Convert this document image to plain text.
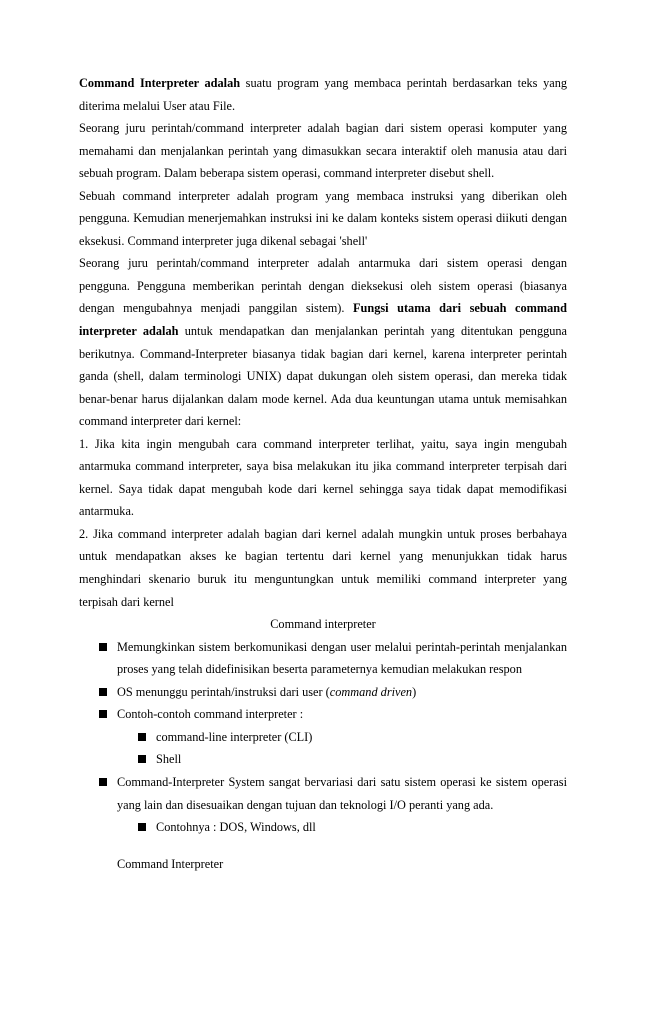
Command Interpreter adalah suatu program yang membaca perintah berdasarkan teks yang diterima melalui User atau File.

Seorang juru perintah/command interpreter adalah bagian dari sistem operasi komputer yang memahami dan menjalankan perintah yang dimasukkan secara interaktif oleh manusia atau dari sebuah program. Dalam beberapa sistem operasi, command interpreter disebut shell.

Sebuah command interpreter adalah program yang membaca instruksi yang diberikan oleh pengguna. Kemudian menerjemahkan instruksi ini ke dalam konteks sistem operasi diikuti dengan eksekusi. Command interpreter juga dikenal sebagai 'shell'

Seorang juru perintah/command interpreter adalah antarmuka dari sistem operasi dengan pengguna. Pengguna memberikan perintah dengan dieksekusi oleh sistem operasi (biasanya dengan mengubahnya menjadi panggilan sistem). Fungsi utama dari sebuah command interpreter adalah untuk mendapatkan dan menjalankan perintah yang ditentukan pengguna berikutnya. Command-Interpreter biasanya tidak bagian dari kernel, karena interpreter perintah ganda (shell, dalam terminologi UNIX) dapat dukungan oleh sistem operasi, dan mereka tidak benar-benar harus dijalankan dalam mode kernel. Ada dua keuntungan utama untuk memisahkan command interpreter dari kernel:

1. Jika kita ingin mengubah cara command interpreter terlihat, yaitu, saya ingin mengubah antarmuka command interpreter, saya bisa melakukan itu jika command interpreter terpisah dari kernel. Saya tidak dapat mengubah kode dari kernel sehingga saya tidak dapat memodifikasi antarmuka.

2. Jika command interpreter adalah bagian dari kernel adalah mungkin untuk proses berbahaya untuk mendapatkan akses ke bagian tertentu dari kernel yang menunjukkan tidak harus menghindari skenario buruk itu menguntungkan untuk memiliki command interpreter yang terpisah dari kernel

Command interpreter

Memungkinkan sistem berkomunikasi dengan user melalui perintah-perintah menjalankan proses yang telah didefinisikan beserta parameternya kemudian melakukan respon
OS menunggu perintah/instruksi dari user (command driven)
Contoh-contoh command interpreter :
command-line interpreter (CLI)
Shell
Command-Interpreter System sangat bervariasi dari satu sistem operasi ke sistem operasi yang lain dan disesuaikan dengan tujuan dan teknologi I/O peranti yang ada.
Contohnya : DOS, Windows, dll

Command Interpreter
